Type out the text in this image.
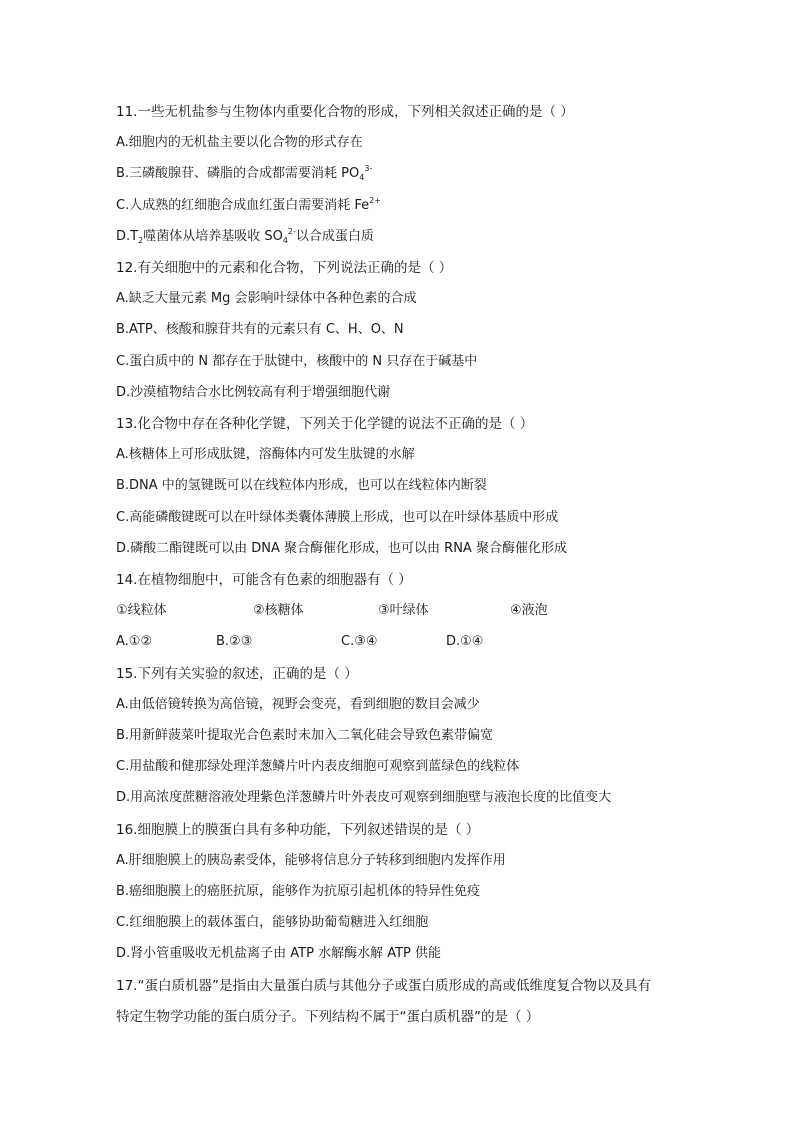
11.一些无机盐参与生物体内重要化合物的形成，下列相关叙述正确的是（ ）
A.细胞内的无机盐主要以化合物的形式存在
B.三磷酸腺苷、磷脂的合成都需要消耗 $PO_4^{3-}$
C.人成熟的红细胞合成血红蛋白需要消耗 $Fe^{2+}$
$D.T_2$噬菌体从培养基吸收 $SO_4^{2-}$以合成蛋白质
12.有关细胞中的元素和化合物，下列说法正确的是（ ）
A.缺乏大量元素 Mg 会影响叶绿体中各种色素的合成
B.ATP、核酸和腺苷共有的元素只有 C、H、O、N
C.蛋白质中的 N 都存在于肽键中，核酸中的 N 只存在于碱基中
D.沙漠植物结合水比例较高有利于增强细胞代谢
13.化合物中存在各种化学键，下列关于化学键的说法不正确的是（ ）
A.核糖体上可形成肽键，溶酶体内可发生肽键的水解
B.DNA 中的氢键既可以在线粒体内形成，也可以在线粒体内断裂
C.高能磷酸键既可以在叶绿体类囊体薄膜上形成，也可以在叶绿体基质中形成
D.磷酸二酯键既可以由 DNA 聚合酶催化形成，也可以由 RNA 聚合酶催化形成
14.在植物细胞中，可能含有色素的细胞器有（ ）
①线粒体	②核糖体	③叶绿体	④液泡
A.①②	B.②③	C.③④	D.①④
15.下列有关实验的叙述，正确的是（ ）
A.由低倍镜转换为高倍镜，视野会变亮，看到细胞的数目会减少
B.用新鲜菠菜叶提取光合色素时未加入二氧化硅会导致色素带偏宽
C.用盐酸和健那绿处理洋葱鳞片叶内表皮细胞可观察到蓝绿色的线粒体
D.用高浓度蔗糖溶液处理紫色洋葱鳞片叶外表皮可观察到细胞壁与液泡长度的比值变大
16.细胞膜上的膜蛋白具有多种功能，下列叙述错误的是（ ）
A.肝细胞膜上的胰岛素受体，能够将信息分子转移到细胞内发挥作用
B.癌细胞膜上的癌胚抗原，能够作为抗原引起机体的特异性免疫
C.红细胞膜上的载体蛋白，能够协助葡萄糖进入红细胞
D.肾小管重吸收无机盐离子由 ATP 水解酶水解 ATP 供能
17.“蛋白质机器”是指由大量蛋白质与其他分子或蛋白质形成的高或低维度复合物以及具有
特定生物学功能的蛋白质分子。下列结构不属于“蛋白质机器”的是（ ）
